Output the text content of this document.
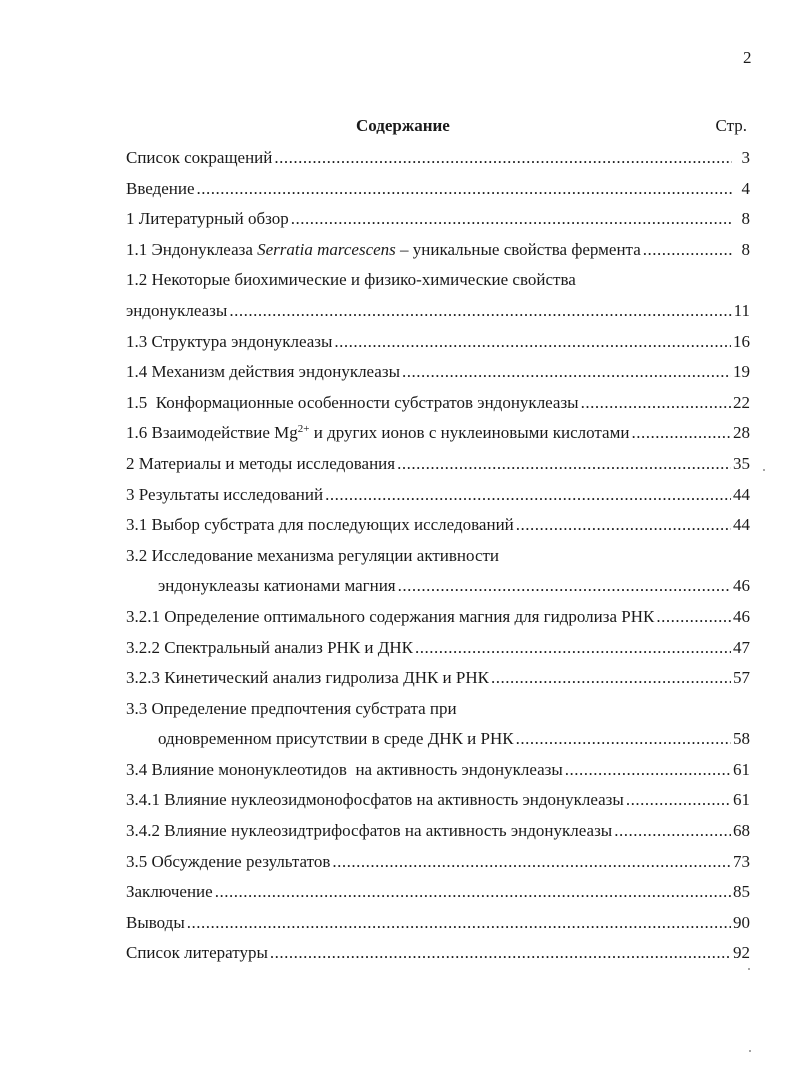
2
Содержание	Стр.
Список сокращений .....	3
Введение .....	4
1 Литературный обзор .....	8
1.1 Эндонуклеаза Serratia marcescens – уникальные свойства фермента .....	8
1.2 Некоторые биохимические и физико-химические свойства
эндонуклеазы .....	11
1.3 Структура эндонуклеазы .....	16
1.4 Механизм действия эндонуклеазы .....	19
1.5  Конформационные особенности субстратов эндонуклеазы .....	22
1.6 Взаимодействие $Mg^{2+}$ и других ионов с нуклеиновыми кислотами .....	28
2 Материалы и методы исследования .....	35
3 Результаты исследований .....	44
3.1 Выбор субстрата для последующих исследований .....	44
3.2 Исследование механизма регуляции активности
эндонуклеазы катионами магния .....	46
3.2.1 Определение оптимального содержания магния для гидролиза РНК .....	46
3.2.2 Спектральный анализ РНК и ДНК .....	47
3.2.3 Кинетический анализ гидролиза ДНК и РНК .....	57
3.3 Определение предпочтения субстрата при
одновременном присутствии в среде ДНК и РНК .....	58
3.4 Влияние мононуклеотидов  на активность эндонуклеазы .....	61
3.4.1 Влияние нуклеозидмонофосфатов на активность эндонуклеазы .....	61
3.4.2 Влияние нуклеозидтрифосфатов на активность эндонуклеазы .....	68
3.5 Обсуждение результатов .....	73
Заключение .....	85
Выводы .....	90
Список литературы .....	92
